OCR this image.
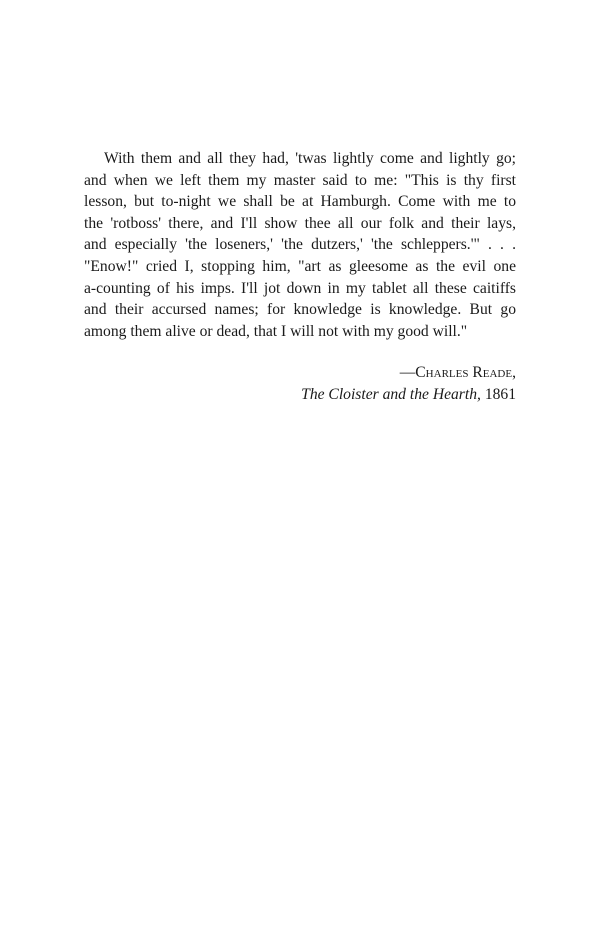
With them and all they had, 'twas lightly come and lightly go;
and when we left them my master said to me: "This is thy first
lesson, but to-night we shall be at Hamburgh. Come with me to
the 'rotboss' there, and I'll show thee all our folk and their lays,
and especially 'the loseners,' 'the dutzers,' 'the schleppers.'" . . .
"Enow!" cried I, stopping him, "art as gleesome as the evil one
a-counting of his imps. I'll jot down in my tablet all these caitiffs
and their accursed names; for knowledge is knowledge. But go
among them alive or dead, that I will not with my good will."
—Charles Reade,
The Cloister and the Hearth, 1861
